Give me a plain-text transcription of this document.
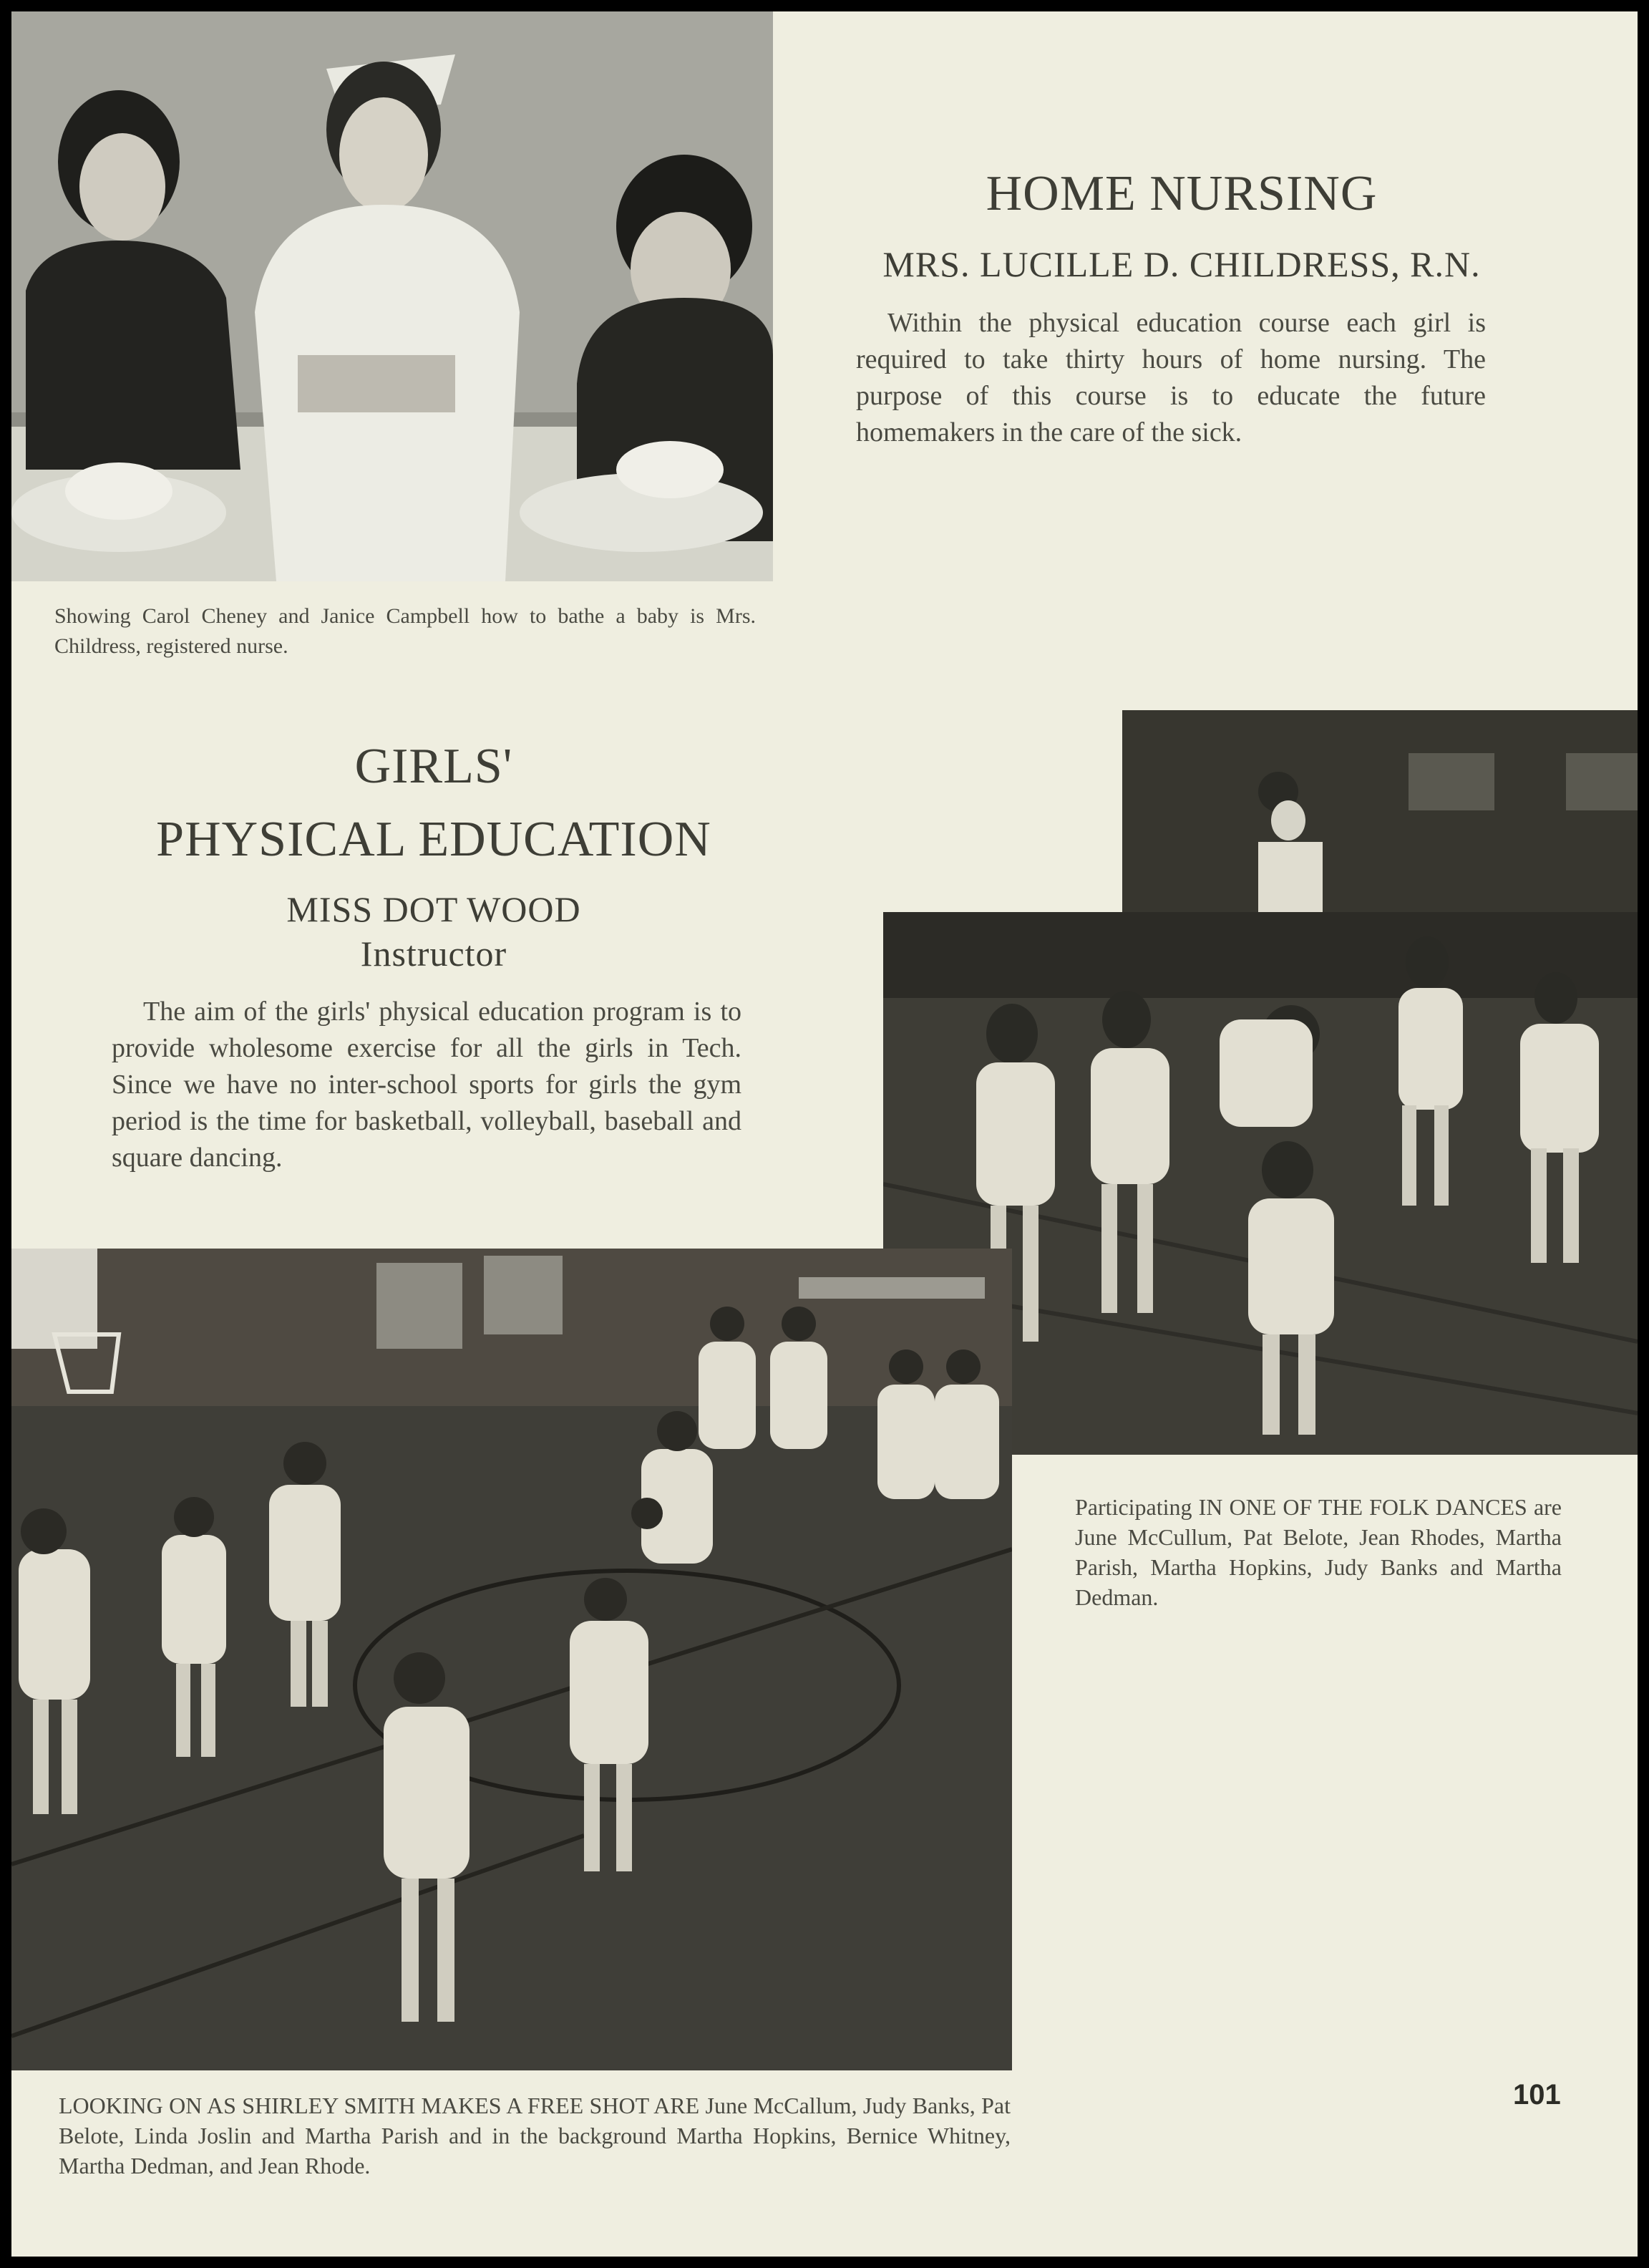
HOME NURSING
MRS. LUCILLE D. CHILDRESS, R.N.

Within the physical education course each girl is required to take thirty hours of home nursing. The purpose of this course is to educate the future homemakers in the care of the sick.

Showing Carol Cheney and Janice Campbell how to bathe a baby is Mrs. Childress, registered nurse.

GIRLS'
PHYSICAL EDUCATION
MISS DOT WOOD
Instructor

The aim of the girls' physical education program is to provide wholesome exercise for all the girls in Tech. Since we have no inter-school sports for girls the gym period is the time for basketball, volleyball, baseball and square dancing.

Participating IN ONE OF THE FOLK DANCES are June McCullum, Pat Belote, Jean Rhodes, Martha Parish, Martha Hopkins, Judy Banks and Martha Dedman.

LOOKING ON AS SHIRLEY SMITH MAKES A FREE SHOT ARE June McCallum, Judy Banks, Pat Belote, Linda Joslin and Martha Parish and in the background Martha Hopkins, Bernice Whitney, Martha Dedman, and Jean Rhode.

101
